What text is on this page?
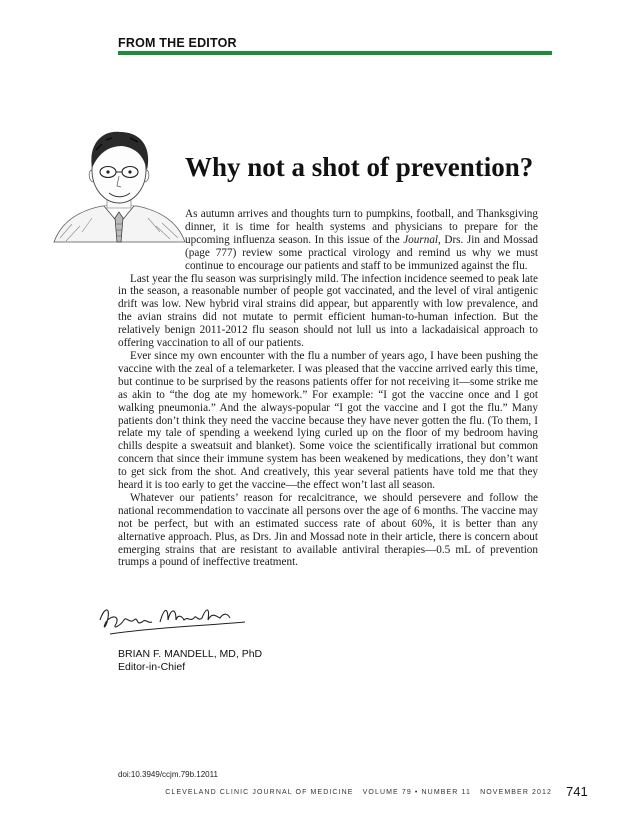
FROM THE EDITOR
Why not a shot of prevention?

As autumn arrives and thoughts turn to pumpkins, football, and Thanksgiving dinner, it is time for health systems and physicians to prepare for the upcoming influenza season. In this issue of the Journal, Drs. Jin and Mossad (page 777) review some practical virology and remind us why we must continue to encourage our patients and staff to be immunized against the flu.

Last year the flu season was surprisingly mild. The infection incidence seemed to peak late in the season, a reasonable number of people got vaccinated, and the level of viral antigenic drift was low. New hybrid viral strains did appear, but apparently with low prevalence, and the avian strains did not mutate to permit efficient human-to-human infection. But the relatively benign 2011-2012 flu season should not lull us into a lackadaisical approach to offering vaccination to all of our patients.

Ever since my own encounter with the flu a number of years ago, I have been pushing the vaccine with the zeal of a telemarketer. I was pleased that the vaccine arrived early this time, but continue to be surprised by the reasons patients offer for not receiving it—some strike me as akin to “the dog ate my homework.” For example: “I got the vaccine once and I got walking pneumonia.” And the always-popular “I got the vaccine and I got the flu.” Many patients don’t think they need the vaccine because they have never gotten the flu. (To them, I relate my tale of spending a weekend lying curled up on the floor of my bedroom having chills despite a sweatsuit and blanket). Some voice the scientifically irrational but common concern that since their immune system has been weakened by medications, they don’t want to get sick from the shot. And creatively, this year several patients have told me that they heard it is too early to get the vaccine—the effect won’t last all season.

Whatever our patients’ reason for recalcitrance, we should persevere and follow the national recommendation to vaccinate all persons over the age of 6 months. The vaccine may not be perfect, but with an estimated success rate of about 60%, it is better than any alternative approach. Plus, as Drs. Jin and Mossad note in their article, there is concern about emerging strains that are resistant to available antiviral therapies—0.5 mL of prevention trumps a pound of ineffective treatment.

BRIAN F. MANDELL, MD, PhD
Editor-in-Chief
doi:10.3949/ccjm.79b.12011
CLEVELAND CLINIC JOURNAL OF MEDICINE VOLUME 79 • NUMBER 11 NOVEMBER 2012 741
